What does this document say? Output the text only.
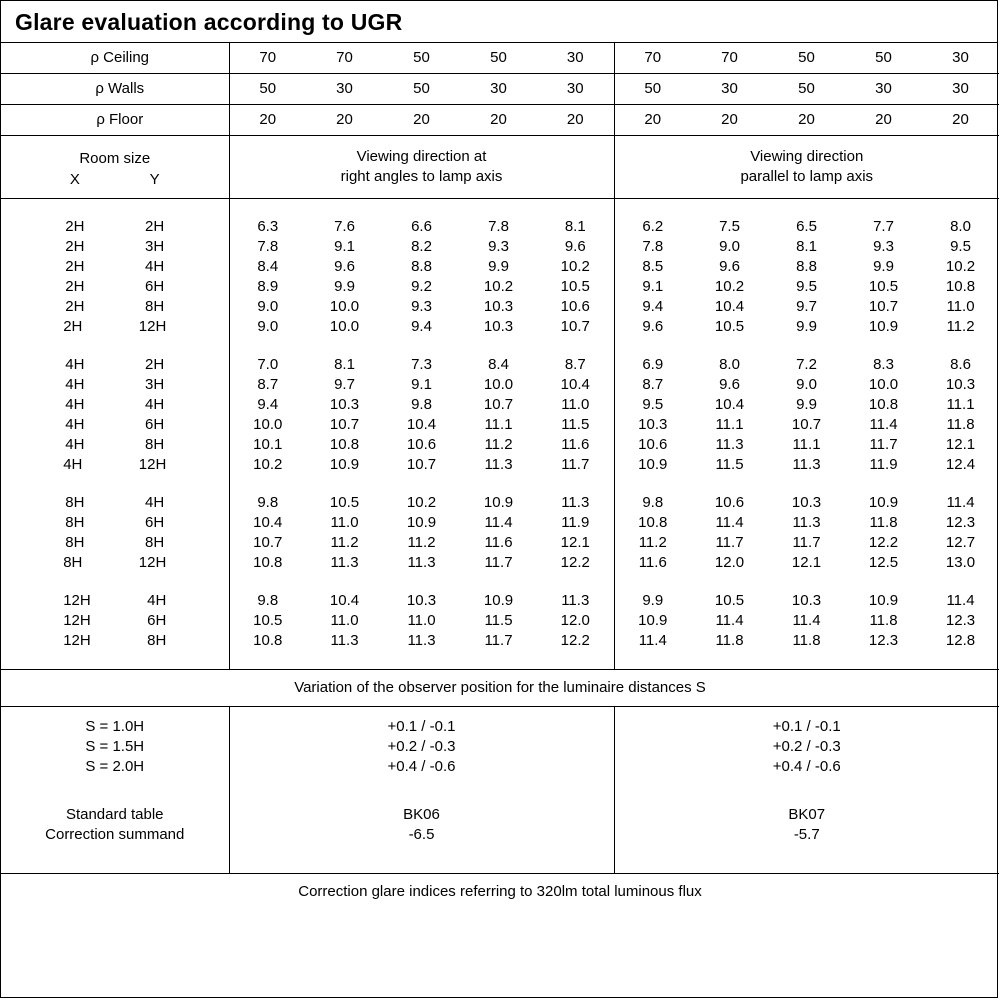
Glare evaluation according to UGR
ρ Ceiling	70	70	50	50	30	70	70	50	50	30
ρ Walls	50	30	50	30	30	50	30	50	30	30
ρ Floor	20	20	20	20	20	20	20	20	20	20

Room size
X	Y

Viewing direction at
right angles to lamp axis

Viewing direction
parallel to lamp axis

2H 2H	6.3	7.6	6.6	7.8	8.1	6.2	7.5	6.5	7.7	8.0

2H 3H	7.8	9.1	8.2	9.3	9.6	7.8	9.0	8.1	9.3	9.5

2H 4H	8.4	9.6	8.8	9.9	10.2	8.5	9.6	8.8	9.9	10.2

2H 6H	8.9	9.9	9.2	10.2	10.5	9.1	10.2	9.5	10.5	10.8

2H 8H	9.0	10.0	9.3	10.3	10.6	9.4	10.4	9.7	10.7	11.0

2H 12H	9.0	10.0	9.4	10.3	10.7	9.6	10.5	9.9	10.9	11.2

4H 2H	7.0	8.1	7.3	8.4	8.7	6.9	8.0	7.2	8.3	8.6

4H 3H	8.7	9.7	9.1	10.0	10.4	8.7	9.6	9.0	10.0	10.3

4H 4H	9.4	10.3	9.8	10.7	11.0	9.5	10.4	9.9	10.8	11.1

4H 6H	10.0	10.7	10.4	11.1	11.5	10.3	11.1	10.7	11.4	11.8

4H 8H	10.1	10.8	10.6	11.2	11.6	10.6	11.3	11.1	11.7	12.1

4H 12H	10.2	10.9	10.7	11.3	11.7	10.9	11.5	11.3	11.9	12.4

8H 4H	9.8	10.5	10.2	10.9	11.3	9.8	10.6	10.3	10.9	11.4

8H 6H	10.4	11.0	10.9	11.4	11.9	10.8	11.4	11.3	11.8	12.3

8H 8H	10.7	11.2	11.2	11.6	12.1	11.2	11.7	11.7	12.2	12.7

8H 12H	10.8	11.3	11.3	11.7	12.2	11.6	12.0	12.1	12.5	13.0

12H 4H	9.8	10.4	10.3	10.9	11.3	9.9	10.5	10.3	10.9	11.4

12H 6H	10.5	11.0	11.0	11.5	12.0	10.9	11.4	11.4	11.8	12.3

12H 8H	10.8	11.3	11.3	11.7	12.2	11.4	11.8	11.8	12.3	12.8

Variation of the observer position for the luminaire distances S										
S = 1.0H	+0.1 / -0.1					+0.1 / -0.1				
S = 1.5H	+0.2 / -0.3					+0.2 / -0.3				
S = 2.0H	+0.4 / -0.6					+0.4 / -0.6				

Standard table	BK06					BK07				
Correction summand	-6.5					-5.7				

Correction glare indices referring to 320lm total luminous flux										
